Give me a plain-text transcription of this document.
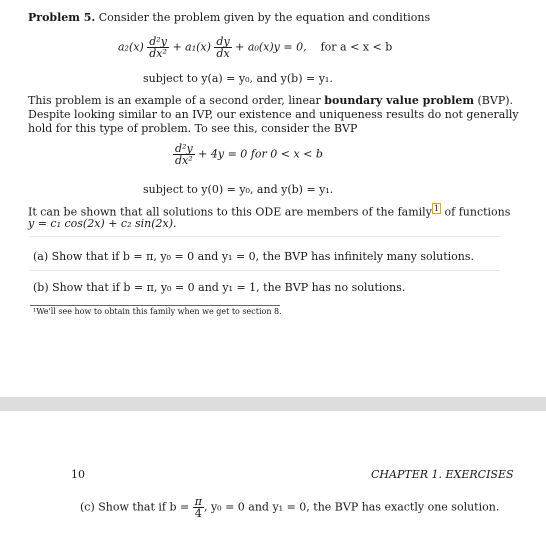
Problem 5. Consider the problem given by the equation and conditions
$a_2(x) \frac{\text{d²y}}{\text{dx²}} + a_1(x) \frac{dy}{dx} + a_0(x)y = 0$, for a < x < b
subject to y(a) = y₀, and y(b) = y₁.
This problem is an example of a second order, linear boundary value problem (BVP).
Despite looking similar to an IVP, our existence and uniqueness results do not generally
hold for this type of problem. To see this, consider the BVP
$\frac{\text{d²y}}{\text{dx²}} + 4y = 0$ for 0 < x < b
subject to y(0) = y₀, and y(b) = y₁.
It can be shown that all solutions to this ODE are members of the family 1 of functions
y = c₁ cos(2x) + c₂ sin(2x).
(a) Show that if b = π, y₀ = 0 and y₁ = 0, the BVP has infinitely many solutions.
(b) Show that if b = π, y₀ = 0 and y₁ = 1, the BVP has no solutions.
¹We'll see how to obtain this family when we get to section 8.
10	CHAPTER 1. EXERCISES
(c) Show that if $b = \frac{\pi}{4}$ , y₀ = 0 and y₁ = 0, the BVP has exactly one solution.
